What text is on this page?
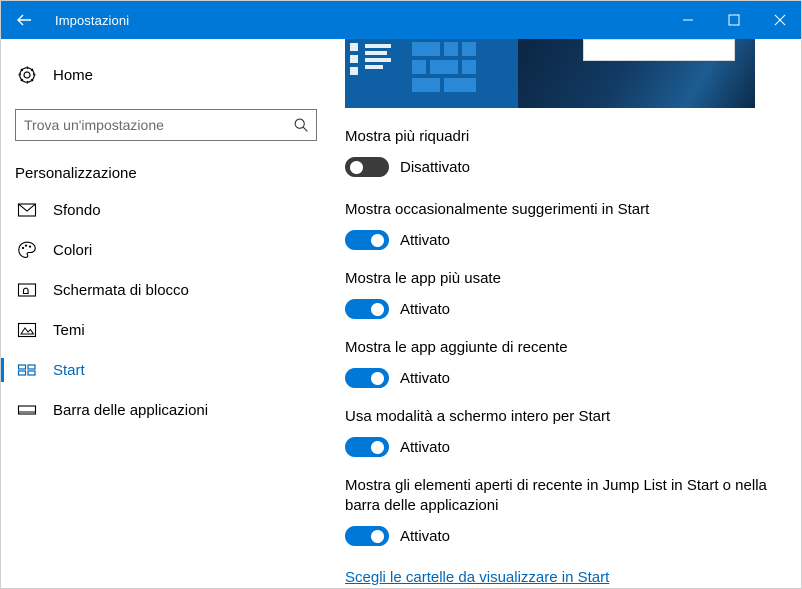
Impostazioni
Home
Trova un'impostazione
Personalizzazione
Sfondo
Colori
Schermata di blocco
Temi
Start
Barra delle applicazioni
Mostra più riquadri
Disattivato
Mostra occasionalmente suggerimenti in Start
Attivato
Mostra le app più usate
Attivato
Mostra le app aggiunte di recente
Attivato
Usa modalità a schermo intero per Start
Attivato
Mostra gli elementi aperti di recente in Jump List in Start o nella barra delle applicazioni
Attivato
Scegli le cartelle da visualizzare in Start
